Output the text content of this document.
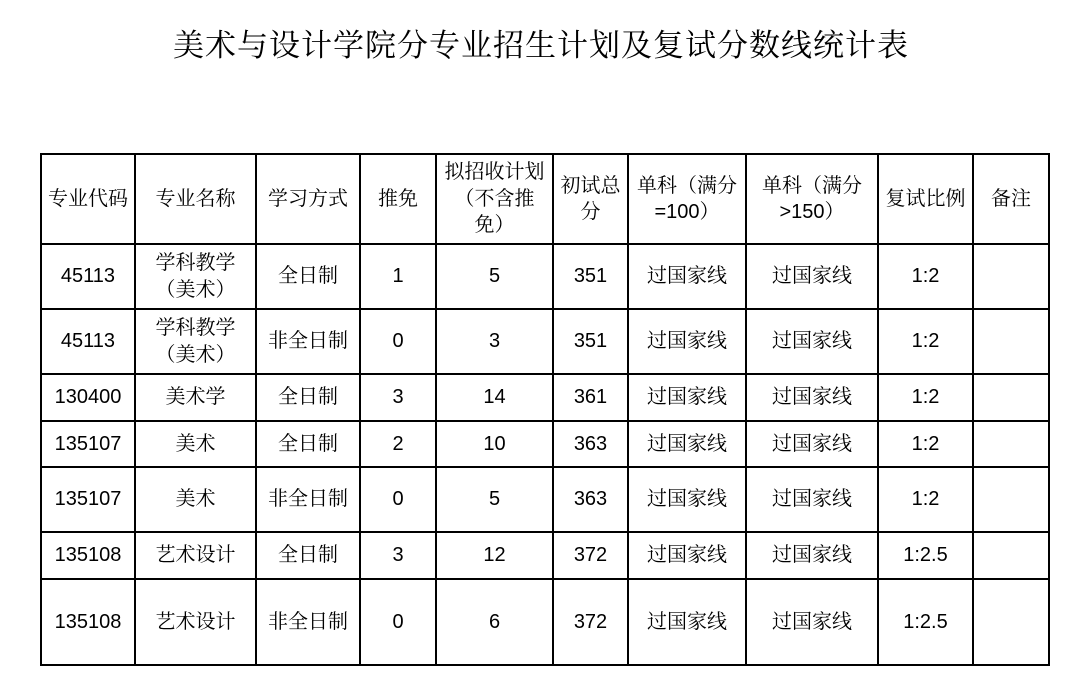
美术与设计学院分专业招生计划及复试分数线统计表
专业代码	专业名称	学习方式	推免	拟招收计划（不含推免）	初试总分	单科（满分=100）	单科（满分>150）	复试比例	备注
45113	学科教学（美术）	全日制	1	5	351	过国家线	过国家线	1:2	
45113	学科教学（美术）	非全日制	0	3	351	过国家线	过国家线	1:2	
130400	美术学	全日制	3	14	361	过国家线	过国家线	1:2	
135107	美术	全日制	2	10	363	过国家线	过国家线	1:2	
135107	美术	非全日制	0	5	363	过国家线	过国家线	1:2	
135108	艺术设计	全日制	3	12	372	过国家线	过国家线	1:2.5	
135108	艺术设计	非全日制	0	6	372	过国家线	过国家线	1:2.5	
